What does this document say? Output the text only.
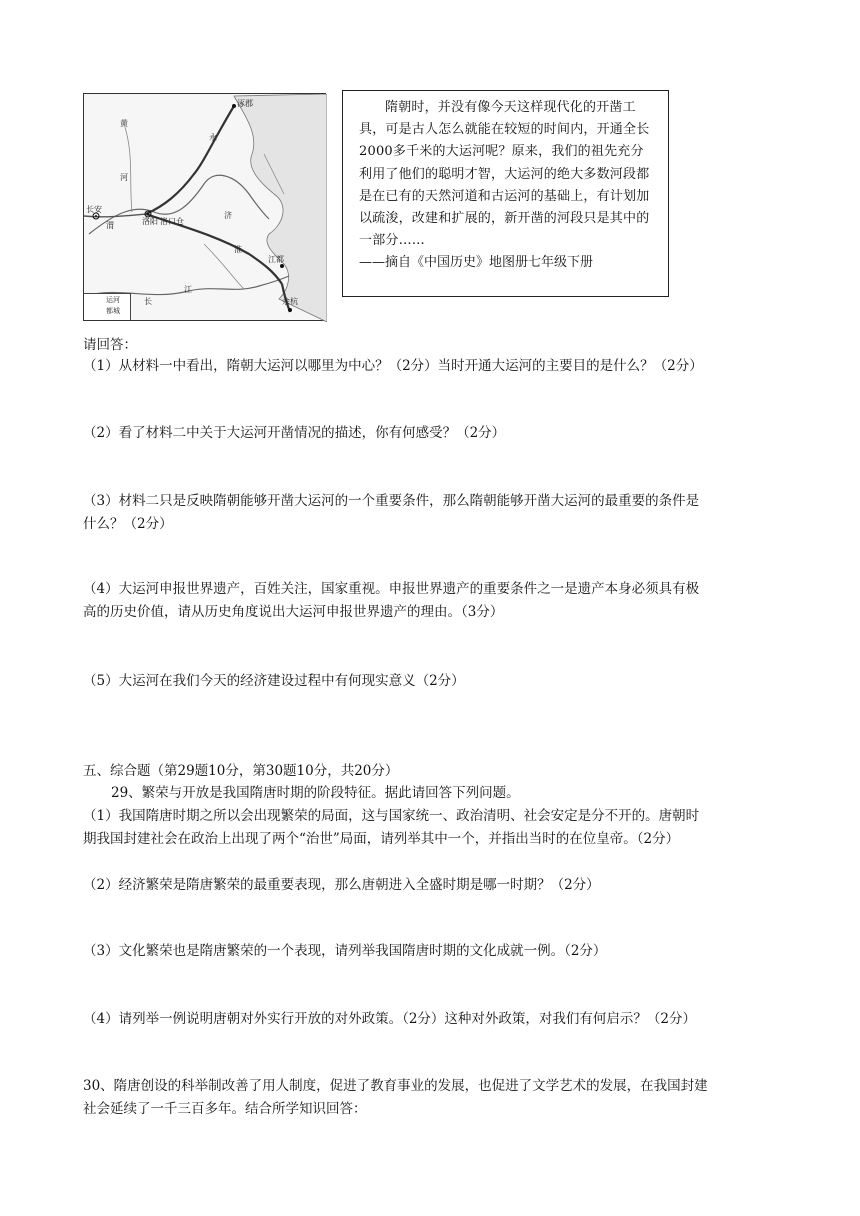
涿郡
长安
洛阳 洛口仓
江都
余杭
渭
永
济
淮
长
江
黄
河
运河
都城

隋朝时，并没有像今天这样现代化的开凿工具，可是古人怎么就能在较短的时间内，开通全长2000多千米的大运河呢？原来，我们的祖先充分利用了他们的聪明才智，大运河的绝大多数河段都是在已有的天然河道和古运河的基础上，有计划加以疏浚，改建和扩展的，新开凿的河段只是其中的一部分……

——摘自《中国历史》地图册七年级下册

请回答：
（1）从材料一中看出，隋朝大运河以哪里为中心？（2分）当时开通大运河的主要目的是什么？（2分）
（2）看了材料二中关于大运河开凿情况的描述，你有何感受？（2分）
（3）材料二只是反映隋朝能够开凿大运河的一个重要条件，那么隋朝能够开凿大运河的最重要的条件是
什么？（2分）
（4）大运河申报世界遗产，百姓关注，国家重视。申报世界遗产的重要条件之一是遗产本身必须具有极
高的历史价值，请从历史角度说出大运河申报世界遗产的理由。（3分）
（5）大运河在我们今天的经济建设过程中有何现实意义（2分）
五、综合题（第29题10分，第30题10分，共20分）
29、繁荣与开放是我国隋唐时期的阶段特征。据此请回答下列问题。
（1）我国隋唐时期之所以会出现繁荣的局面，这与国家统一、政治清明、社会安定是分不开的。唐朝时
期我国封建社会在政治上出现了两个“治世”局面，请列举其中一个，并指出当时的在位皇帝。（2分）
（2）经济繁荣是隋唐繁荣的最重要表现，那么唐朝进入全盛时期是哪一时期？（2分）
（3）文化繁荣也是隋唐繁荣的一个表现，请列举我国隋唐时期的文化成就一例。（2分）
（4）请列举一例说明唐朝对外实行开放的对外政策。（2分）这种对外政策，对我们有何启示？（2分）
30、隋唐创设的科举制改善了用人制度，促进了教育事业的发展，也促进了文学艺术的发展，在我国封建
社会延续了一千三百多年。结合所学知识回答：
